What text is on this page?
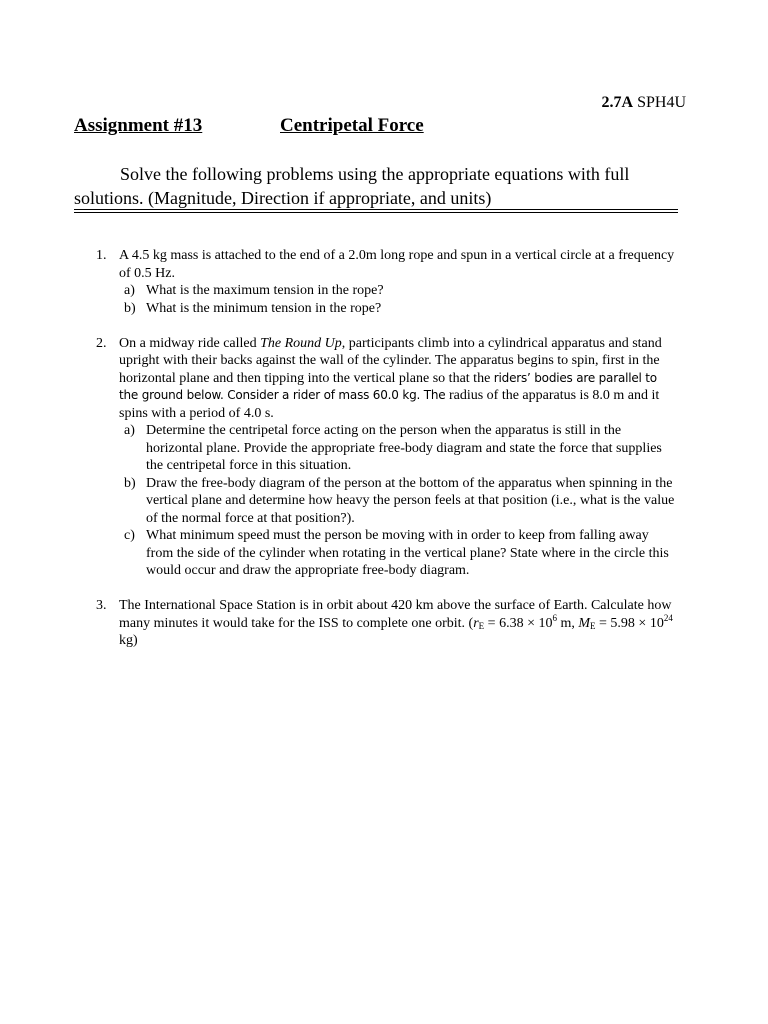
2.7A SPH4U
Assignment #13	Centripetal Force
Solve the following problems using the appropriate equations with full solutions. (Magnitude, Direction if appropriate, and units)
1. A 4.5 kg mass is attached to the end of a 2.0m long rope and spun in a vertical circle at a frequency of 0.5 Hz.
a) What is the maximum tension in the rope?
b) What is the minimum tension in the rope?
2. On a midway ride called The Round Up, participants climb into a cylindrical apparatus and stand upright with their backs against the wall of the cylinder. The apparatus begins to spin, first in the horizontal plane and then tipping into the vertical plane so that the riders’ bodies are parallel to the ground below. Consider a rider of mass 60.0 kg. The radius of the apparatus is 8.0 m and it spins with a period of 4.0 s.
a) Determine the centripetal force acting on the person when the apparatus is still in the horizontal plane. Provide the appropriate free-body diagram and state the force that supplies the centripetal force in this situation.
b) Draw the free-body diagram of the person at the bottom of the apparatus when spinning in the vertical plane and determine how heavy the person feels at that position (i.e., what is the value of the normal force at that position?).
c) What minimum speed must the person be moving with in order to keep from falling away from the side of the cylinder when rotating in the vertical plane? State where in the circle this would occur and draw the appropriate free-body diagram.
3. The International Space Station is in orbit about 420 km above the surface of Earth. Calculate how many minutes it would take for the ISS to complete one orbit. ($r_E = 6.38 \times 10^6$ m, $M_E = 5.98 \times 10^{24}$ kg)
